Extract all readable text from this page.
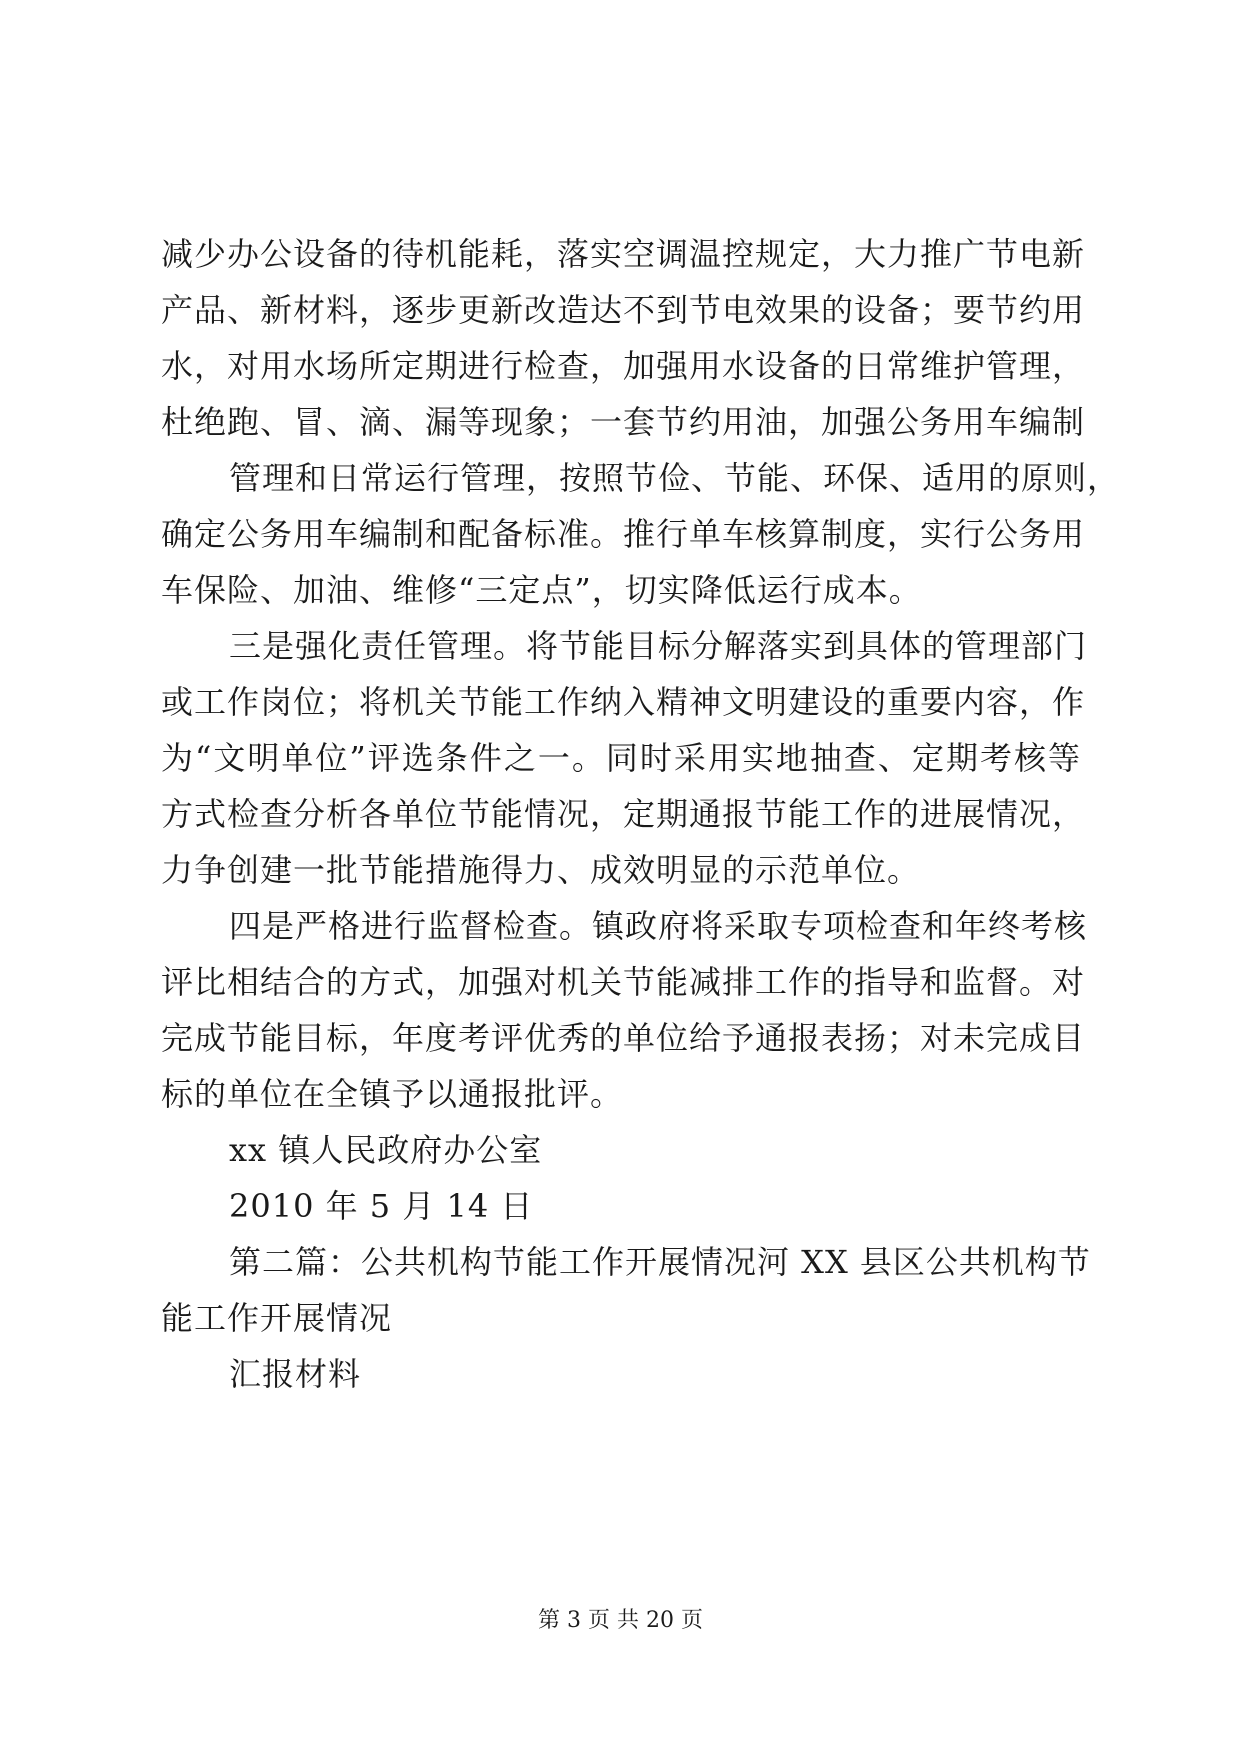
减少办公设备的待机能耗，落实空调温控规定，大力推广节电新
产品、新材料，逐步更新改造达不到节电效果的设备；要节约用
水，对用水场所定期进行检查，加强用水设备的日常维护管理，
杜绝跑、冒、滴、漏等现象；一套节约用油，加强公务用车编制
管理和日常运行管理，按照节俭、节能、环保、适用的原则，
确定公务用车编制和配备标准。推行单车核算制度，实行公务用
车保险、加油、维修“三定点”，切实降低运行成本。
三是强化责任管理。将节能目标分解落实到具体的管理部门
或工作岗位；将机关节能工作纳入精神文明建设的重要内容，作
为“文明单位”评选条件之一。同时采用实地抽查、定期考核等
方式检查分析各单位节能情况，定期通报节能工作的进展情况，
力争创建一批节能措施得力、成效明显的示范单位。
四是严格进行监督检查。镇政府将采取专项检查和年终考核
评比相结合的方式，加强对机关节能减排工作的指导和监督。对
完成节能目标，年度考评优秀的单位给予通报表扬；对未完成目
标的单位在全镇予以通报批评。
xx 镇人民政府办公室
2010 年 5 月 14 日
第二篇：公共机构节能工作开展情况河 XX 县区公共机构节
能工作开展情况
汇报材料
第 3 页 共 20 页
